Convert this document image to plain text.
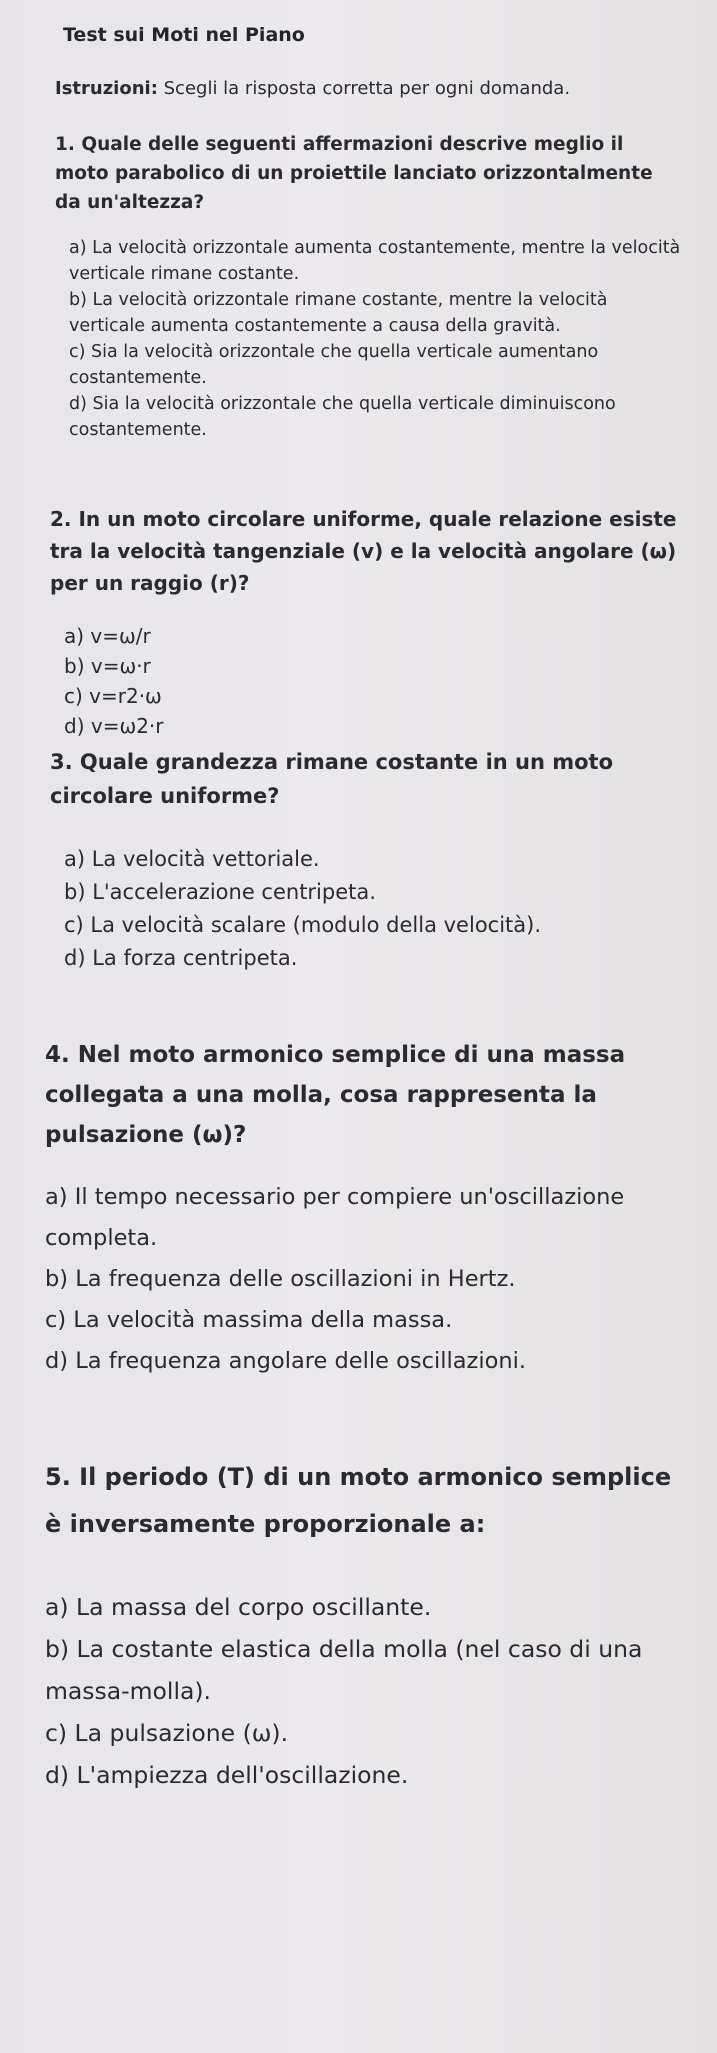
Test sui Moti nel Piano
Istruzioni: Scegli la risposta corretta per ogni domanda.

1. Quale delle seguenti affermazioni descrive meglio il moto parabolico di un proiettile lanciato orizzontalmente da un'altezza?

a) La velocità orizzontale aumenta costantemente, mentre la velocità verticale rimane costante.

b) La velocità orizzontale rimane costante, mentre la velocità verticale aumenta costantemente a causa della gravità.

c) Sia la velocità orizzontale che quella verticale aumentano costantemente.

d) Sia la velocità orizzontale che quella verticale diminuiscono costantemente.

2. In un moto circolare uniforme, quale relazione esiste tra la velocità tangenziale (v) e la velocità angolare (ω) per un raggio (r)?

a) v=ω/r

b) v=ω·r

c) v=r2·ω

d) v=ω2·r

3. Quale grandezza rimane costante in un moto circolare uniforme?

a) La velocità vettoriale.

b) L'accelerazione centripeta.

c) La velocità scalare (modulo della velocità).

d) La forza centripeta.

4. Nel moto armonico semplice di una massa collegata a una molla, cosa rappresenta la pulsazione (ω)?

a) Il tempo necessario per compiere un'oscillazione completa.

b) La frequenza delle oscillazioni in Hertz.

c) La velocità massima della massa.

d) La frequenza angolare delle oscillazioni.

5. Il periodo (T) di un moto armonico semplice è inversamente proporzionale a:

a) La massa del corpo oscillante.

b) La costante elastica della molla (nel caso di una massa-molla).

c) La pulsazione (ω).

d) L'ampiezza dell'oscillazione.
